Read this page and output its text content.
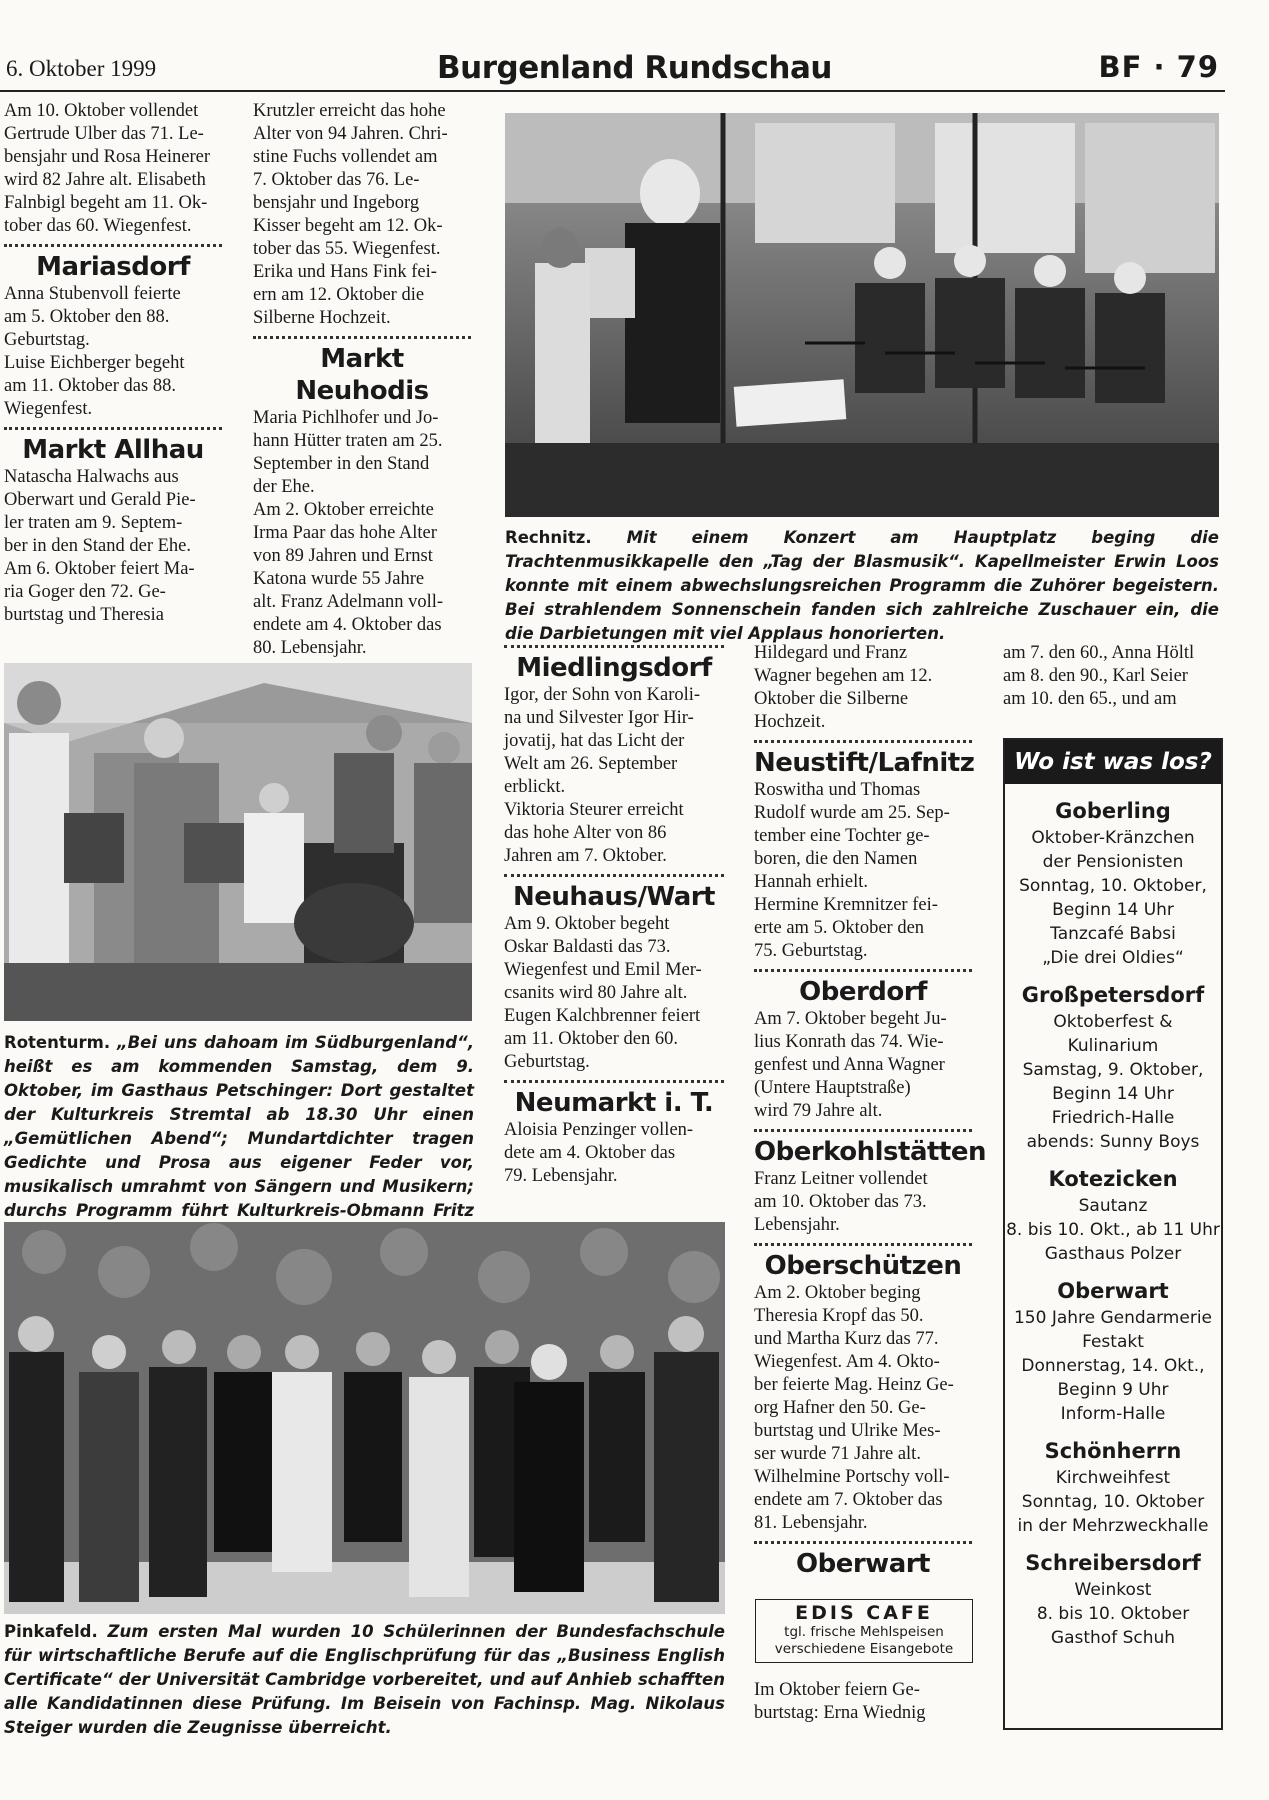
6. Oktober 1999	Burgenland Rundschau	BF · 79

Am 10. Oktober vollendet

Gertrude Ulber das 71. Le-

bensjahr und Rosa Heinerer

wird 82 Jahre alt. Elisabeth

Falnbigl begeht am 11. Ok-

tober das 60. Wiegenfest.

Mariasdorf

Anna Stubenvoll feierte

am 5. Oktober den 88.

Geburtstag.

Luise Eichberger begeht

am 11. Oktober das 88.

Wiegenfest.

Markt Allhau

Natascha Halwachs aus

Oberwart und Gerald Pie-

ler traten am 9. Septem-

ber in den Stand der Ehe.

Am 6. Oktober feiert Ma-

ria Goger den 72. Ge-

burtstag und Theresia

Krutzler erreicht das hohe

Alter von 94 Jahren. Chri-

stine Fuchs vollendet am

7. Oktober das 76. Le-

bensjahr und Ingeborg

Kisser begeht am 12. Ok-

tober das 55. Wiegenfest.

Erika und Hans Fink fei-

ern am 12. Oktober die

Silberne Hochzeit.

Markt Neuhodis

Maria Pichlhofer und Jo-

hann Hütter traten am 25.

September in den Stand

der Ehe.

Am 2. Oktober erreichte

Irma Paar das hohe Alter

von 89 Jahren und Ernst

Katona wurde 55 Jahre

alt. Franz Adelmann voll-

endete am 4. Oktober das

80. Lebensjahr.

Rechnitz. Mit einem Konzert am Hauptplatz beging die Trachtenmusikkapelle den „Tag der Blasmusik“. Kapellmeister Erwin Loos konnte mit einem abwechslungsreichen Programm die Zuhörer begeistern. Bei strahlendem Sonnenschein fanden sich zahlreiche Zuschauer ein, die die Darbietungen mit viel Applaus honorierten.
Rotenturm. „Bei uns dahoam im Südburgenland“, heißt es am kommenden Samstag, dem 9. Oktober, im Gasthaus Petschinger: Dort gestaltet der Kulturkreis Stremtal ab 18.30 Uhr einen „Gemütlichen Abend“; Mundartdichter tragen Gedichte und Prosa aus eigener Feder vor, musikalisch umrahmt von Sängern und Musikern; durchs Programm führt Kulturkreis-Obmann Fritz
Miedlingsdorf

Igor, der Sohn von Karoli-

na und Silvester Igor Hir-

jovatij, hat das Licht der

Welt am 26. September

erblickt.

Viktoria Steurer erreicht

das hohe Alter von 86

Jahren am 7. Oktober.

Neuhaus/Wart

Am 9. Oktober begeht

Oskar Baldasti das 73.

Wiegenfest und Emil Mer-

csanits wird 80 Jahre alt.

Eugen Kalchbrenner feiert

am 11. Oktober den 60.

Geburtstag.

Neumarkt i. T.

Aloisia Penzinger vollen-

dete am 4. Oktober das

79. Lebensjahr.

Hildegard und Franz

Wagner begehen am 12.

Oktober die Silberne

Hochzeit.

Neustift/Lafnitz

Roswitha und Thomas

Rudolf wurde am 25. Sep-

tember eine Tochter ge-

boren, die den Namen

Hannah erhielt.

Hermine Kremnitzer fei-

erte am 5. Oktober den

75. Geburtstag.

Oberdorf

Am 7. Oktober begeht Ju-

lius Konrath das 74. Wie-

genfest und Anna Wagner

(Untere Hauptstraße)

wird 79 Jahre alt.

Oberkohlstätten

Franz Leitner vollendet

am 10. Oktober das 73.

Lebensjahr.

Oberschützen

Am 2. Oktober beging

Theresia Kropf das 50.

und Martha Kurz das 77.

Wiegenfest. Am 4. Okto-

ber feierte Mag. Heinz Ge-

org Hafner den 50. Ge-

burtstag und Ulrike Mes-

ser wurde 71 Jahre alt.

Wilhelmine Portschy voll-

endete am 7. Oktober das

81. Lebensjahr.

Oberwart
EDIS CAFE
tgl. frische Mehlspeisen
verschiedene Eisangebote

Im Oktober feiern Ge-

burtstag: Erna Wiednig

am 7. den 60., Anna Höltl

am 8. den 90., Karl Seier

am 10. den 65., und am

Wo ist was los?
Goberling
Oktober-Kränzchen
der Pensionisten
Sonntag, 10. Oktober,
Beginn 14 Uhr
Tanzcafé Babsi
„Die drei Oldies“
Großpetersdorf
Oktoberfest &
Kulinarium
Samstag, 9. Oktober,
Beginn 14 Uhr
Friedrich-Halle
abends: Sunny Boys
Kotezicken
Sautanz
8. bis 10. Okt., ab 11 Uhr
Gasthaus Polzer
Oberwart
150 Jahre Gendarmerie
Festakt
Donnerstag, 14. Okt.,
Beginn 9 Uhr
Inform-Halle
Schönherrn
Kirchweihfest
Sonntag, 10. Oktober
in der Mehrzweckhalle
Schreibersdorf
Weinkost
8. bis 10. Oktober
Gasthof Schuh
Pinkafeld. Zum ersten Mal wurden 10 Schülerinnen der Bundesfachschule für wirtschaftliche Berufe auf die Englischprüfung für das „Business English Certificate“ der Universität Cambridge vorbereitet, und auf Anhieb schafften alle Kandidatinnen diese Prüfung. Im Beisein von Fachinsp. Mag. Nikolaus Steiger wurden die Zeugnisse überreicht.
